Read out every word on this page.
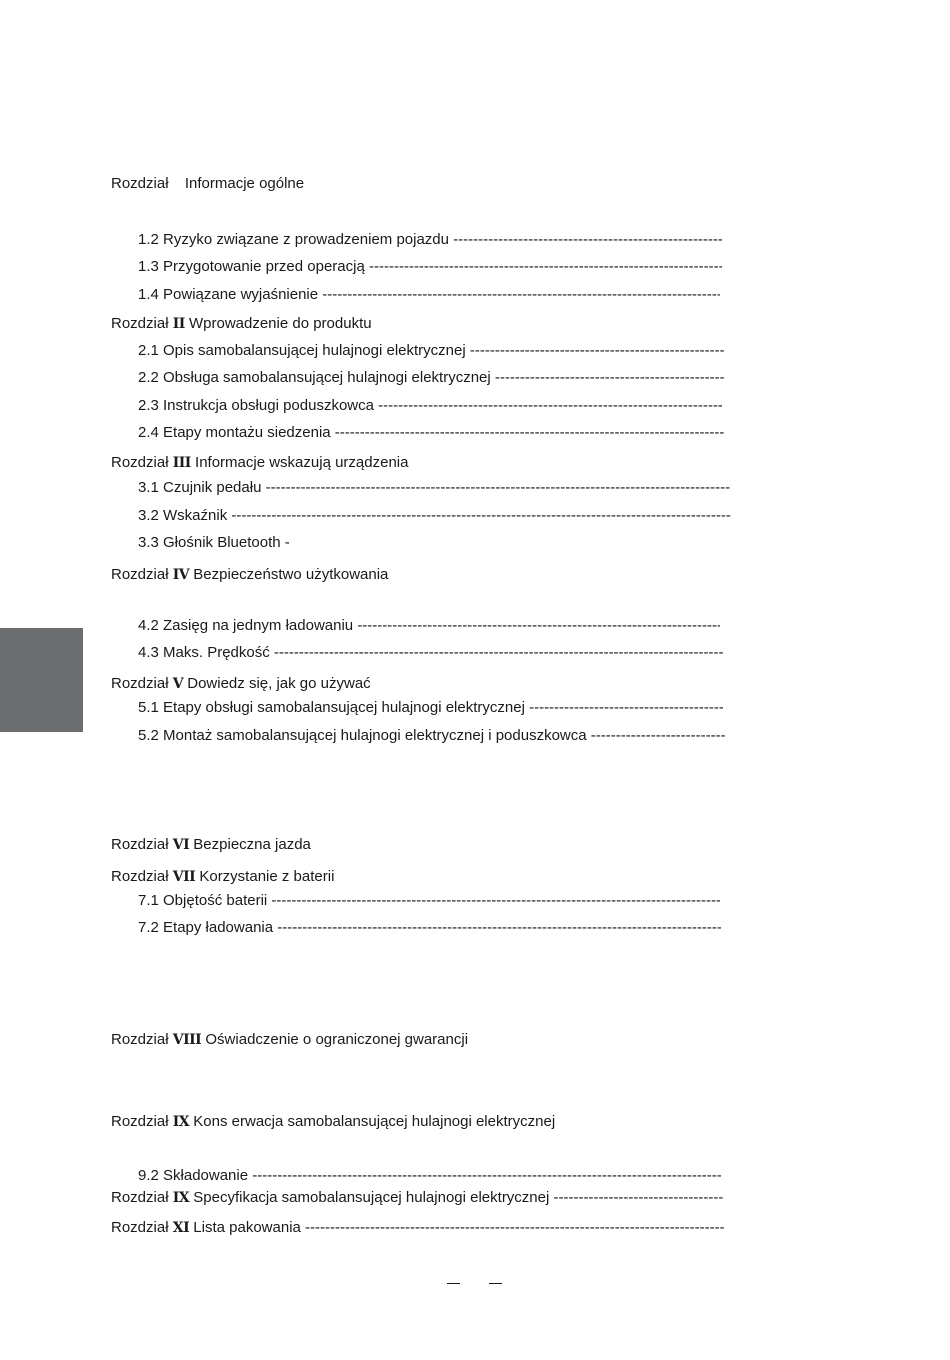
Rozdział Informacje ogólne
1.2 Ryzyko związane z prowadzeniem pojazdu -----
1.3 Przygotowanie przed operacją -----
1.4 Powiązane wyjaśnienie -----
Rozdział II Wprowadzenie do produktu
2.1 Opis samobalansującej hulajnogi elektrycznej -----
2.2 Obsługa samobalansującej hulajnogi elektrycznej -----
2.3 Instrukcja obsługi poduszkowca -----
2.4 Etapy montażu siedzenia -----
Rozdział III Informacje wskazują urządzenia
3.1 Czujnik pedału -----
3.2 Wskaźnik -----
3.3 Głośnik Bluetooth -
Rozdział IV Bezpieczeństwo użytkowania
4.2 Zasięg na jednym ładowaniu -----
4.3 Maks. Prędkość -----
Rozdział V Dowiedz się, jak go używać
5.1 Etapy obsługi samobalansującej hulajnogi elektrycznej -----
5.2 Montaż samobalansującej hulajnogi elektrycznej i poduszkowca -----
Rozdział VI Bezpieczna jazda
Rozdział VII Korzystanie z baterii
7.1 Objętość baterii -----
7.2 Etapy ładowania -----
Rozdział VIII Oświadczenie o ograniczonej gwarancji
Rozdział IX Kons erwacja samobalansującej hulajnogi elektrycznej
9.2 Składowanie -----
Rozdział IX Specyfikacja samobalansującej hulajnogi elektrycznej -----
Rozdział XI Lista pakowania -----
